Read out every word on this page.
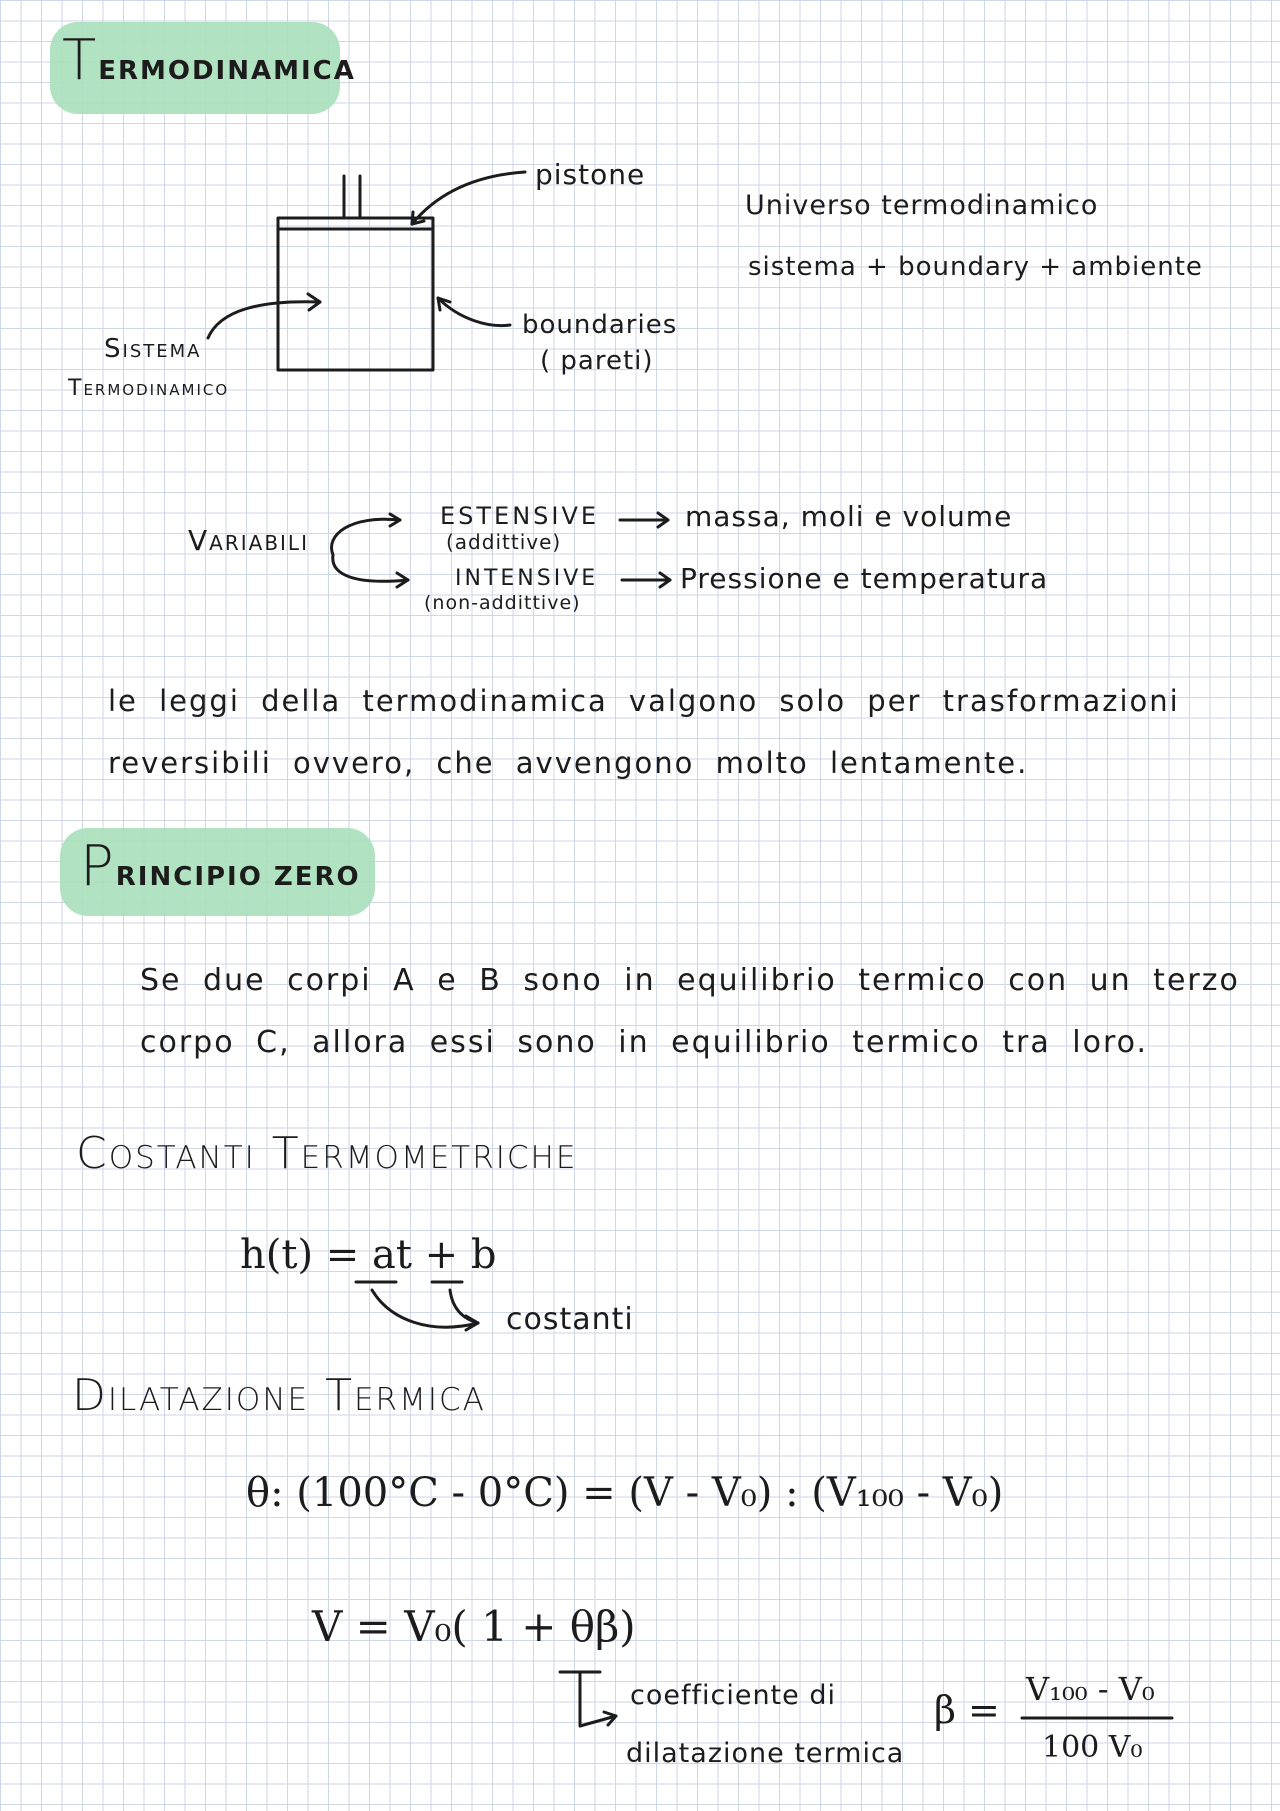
TERMODINAMICA
pistone
boundaries
( pareti)
Sistema
Termodinamico
Universo termodinamico
sistema + boundary + ambiente
Variabili
ESTENSIVE
(addittive)
massa, moli e volume
INTENSIVE
(non-addittive)
Pressione e temperatura
le leggi della termodinamica valgono solo per trasformazioni
reversibili ovvero, che avvengono molto lentamente.
PRINCIPIO ZERO
Se due corpi A e B sono in equilibrio termico con un terzo
corpo C, allora essi sono in equilibrio termico tra loro.
Costanti Termometriche
h(t) = at + b
costanti
Dilatazione Termica
θ: (100°C - 0°C) = (V - V₀) : (V₁₀₀ - V₀)
V = V₀( 1 + θβ)
coefficiente di
dilatazione termica
β = V₁₀₀ - V₀
100 V₀
